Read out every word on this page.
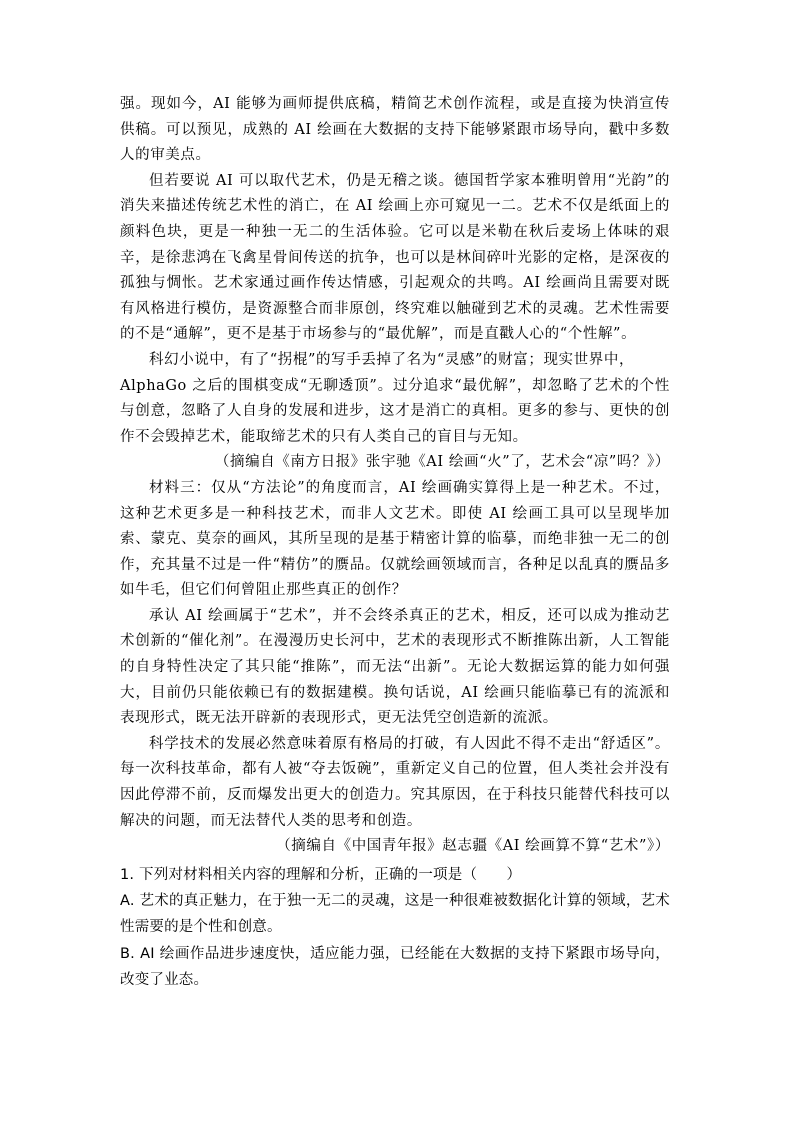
强。现如今，AI 能够为画师提供底稿，精简艺术创作流程，或是直接为快消宣传供稿。可以预见，成熟的 AI 绘画在大数据的支持下能够紧跟市场导向，戳中多数人的审美点。

但若要说 AI 可以取代艺术，仍是无稽之谈。德国哲学家本雅明曾用“光韵”的消失来描述传统艺术性的消亡，在 AI 绘画上亦可窥见一二。艺术不仅是纸面上的颜料色块，更是一种独一无二的生活体验。它可以是米勒在秋后麦场上体味的艰辛，是徐悲鸿在飞禽星骨间传送的抗争，也可以是林间碎叶光影的定格，是深夜的孤独与惆怅。艺术家通过画作传达情感，引起观众的共鸣。AI 绘画尚且需要对既有风格进行模仿，是资源整合而非原创，终究难以触碰到艺术的灵魂。艺术性需要的不是“通解”，更不是基于市场参与的“最优解”，而是直戳人心的“个性解”。

科幻小说中，有了“拐棍”的写手丢掉了名为“灵感”的财富；现实世界中，

AlphaGo 之后的围棋变成“无聊透顶”。过分追求“最优解”，却忽略了艺术的个性与创意，忽略了人自身的发展和进步，这才是消亡的真相。更多的参与、更快的创作不会毁掉艺术，能取缔艺术的只有人类自己的盲目与无知。

（摘编自《南方日报》张宇驰《AI 绘画“火”了，艺术会“凉”吗？》）

材料三：仅从“方法论”的角度而言，AI 绘画确实算得上是一种艺术。不过，这种艺术更多是一种科技艺术，而非人文艺术。即使 AI 绘画工具可以呈现毕加索、蒙克、莫奈的画风，其所呈现的是基于精密计算的临摹，而绝非独一无二的创作，充其量不过是一件“精仿”的赝品。仅就绘画领域而言，各种足以乱真的赝品多如牛毛，但它们何曾阻止那些真正的创作？

承认 AI 绘画属于“艺术”，并不会终杀真正的艺术，相反，还可以成为推动艺术创新的“催化剂”。在漫漫历史长河中，艺术的表现形式不断推陈出新，人工智能的自身特性决定了其只能“推陈”，而无法“出新”。无论大数据运算的能力如何强大，目前仍只能依赖已有的数据建模。换句话说，AI 绘画只能临摹已有的流派和表现形式，既无法开辟新的表现形式，更无法凭空创造新的流派。

科学技术的发展必然意味着原有格局的打破，有人因此不得不走出“舒适区”。每一次科技革命，都有人被“夺去饭碗”，重新定义自己的位置，但人类社会并没有因此停滞不前，反而爆发出更大的创造力。究其原因，在于科技只能替代科技可以解决的问题，而无法替代人类的思考和创造。

（摘编自《中国青年报》赵志疆《AI 绘画算不算“艺术”》）

1. 下列对材料相关内容的理解和分析，正确的一项是（　　）

A. 艺术的真正魅力，在于独一无二的灵魂，这是一种很难被数据化计算的领域，艺术性需要的是个性和创意。

B. AI 绘画作品进步速度快，适应能力强，已经能在大数据的支持下紧跟市场导向，改变了业态。
